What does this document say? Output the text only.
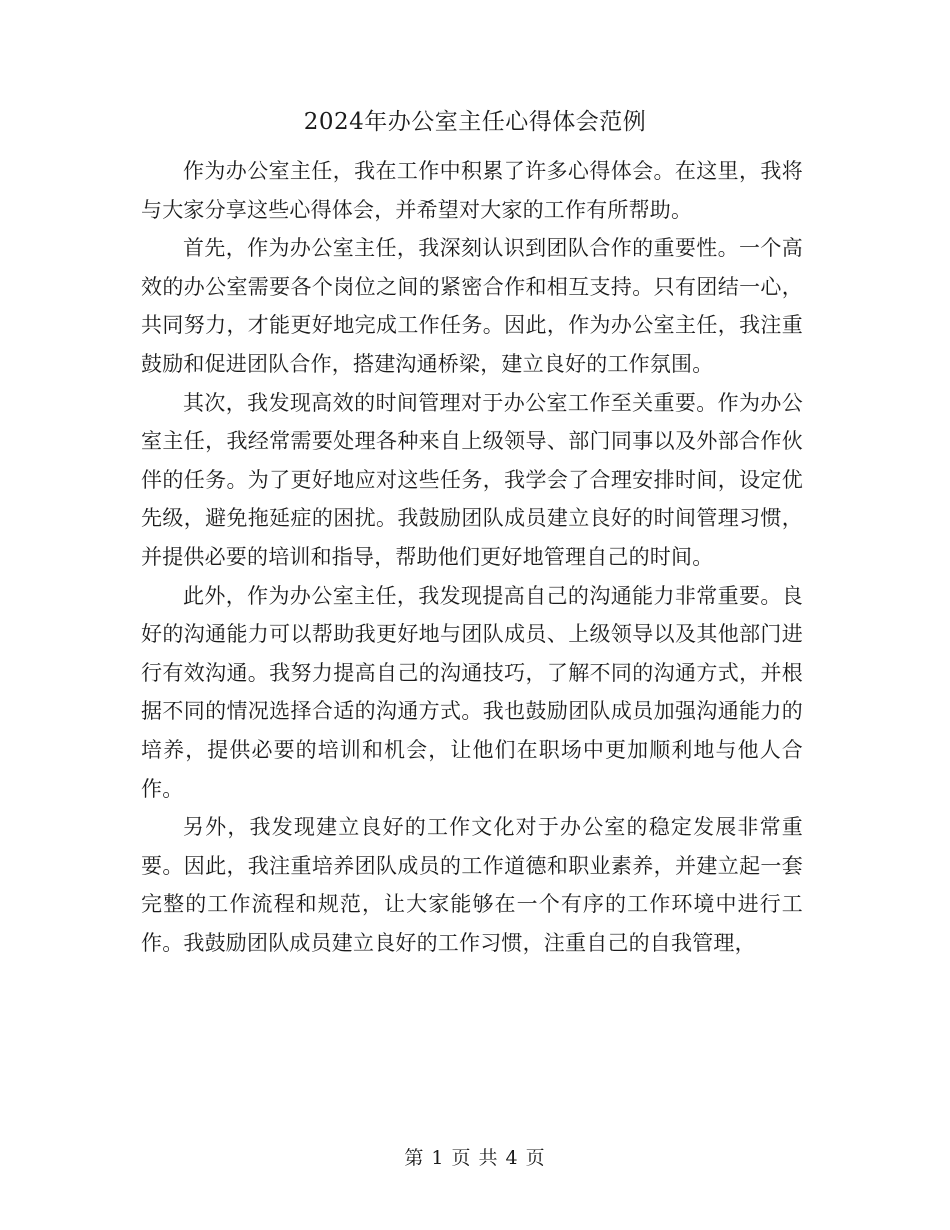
2024年办公室主任心得体会范例

作为办公室主任，我在工作中积累了许多心得体会。在这里，我将与大家分享这些心得体会，并希望对大家的工作有所帮助。

首先，作为办公室主任，我深刻认识到团队合作的重要性。一个高效的办公室需要各个岗位之间的紧密合作和相互支持。只有团结一心，共同努力，才能更好地完成工作任务。因此，作为办公室主任，我注重鼓励和促进团队合作，搭建沟通桥梁，建立良好的工作氛围。

其次，我发现高效的时间管理对于办公室工作至关重要。作为办公室主任，我经常需要处理各种来自上级领导、部门同事以及外部合作伙伴的任务。为了更好地应对这些任务，我学会了合理安排时间，设定优先级，避免拖延症的困扰。我鼓励团队成员建立良好的时间管理习惯，并提供必要的培训和指导，帮助他们更好地管理自己的时间。

此外，作为办公室主任，我发现提高自己的沟通能力非常重要。良好的沟通能力可以帮助我更好地与团队成员、上级领导以及其他部门进行有效沟通。我努力提高自己的沟通技巧，了解不同的沟通方式，并根据不同的情况选择合适的沟通方式。我也鼓励团队成员加强沟通能力的培养，提供必要的培训和机会，让他们在职场中更加顺利地与他人合作。

另外，我发现建立良好的工作文化对于办公室的稳定发展非常重要。因此，我注重培养团队成员的工作道德和职业素养，并建立起一套完整的工作流程和规范，让大家能够在一个有序的工作环境中进行工作。我鼓励团队成员建立良好的工作习惯，注重自己的自我管理，

第 1 页 共 4 页
